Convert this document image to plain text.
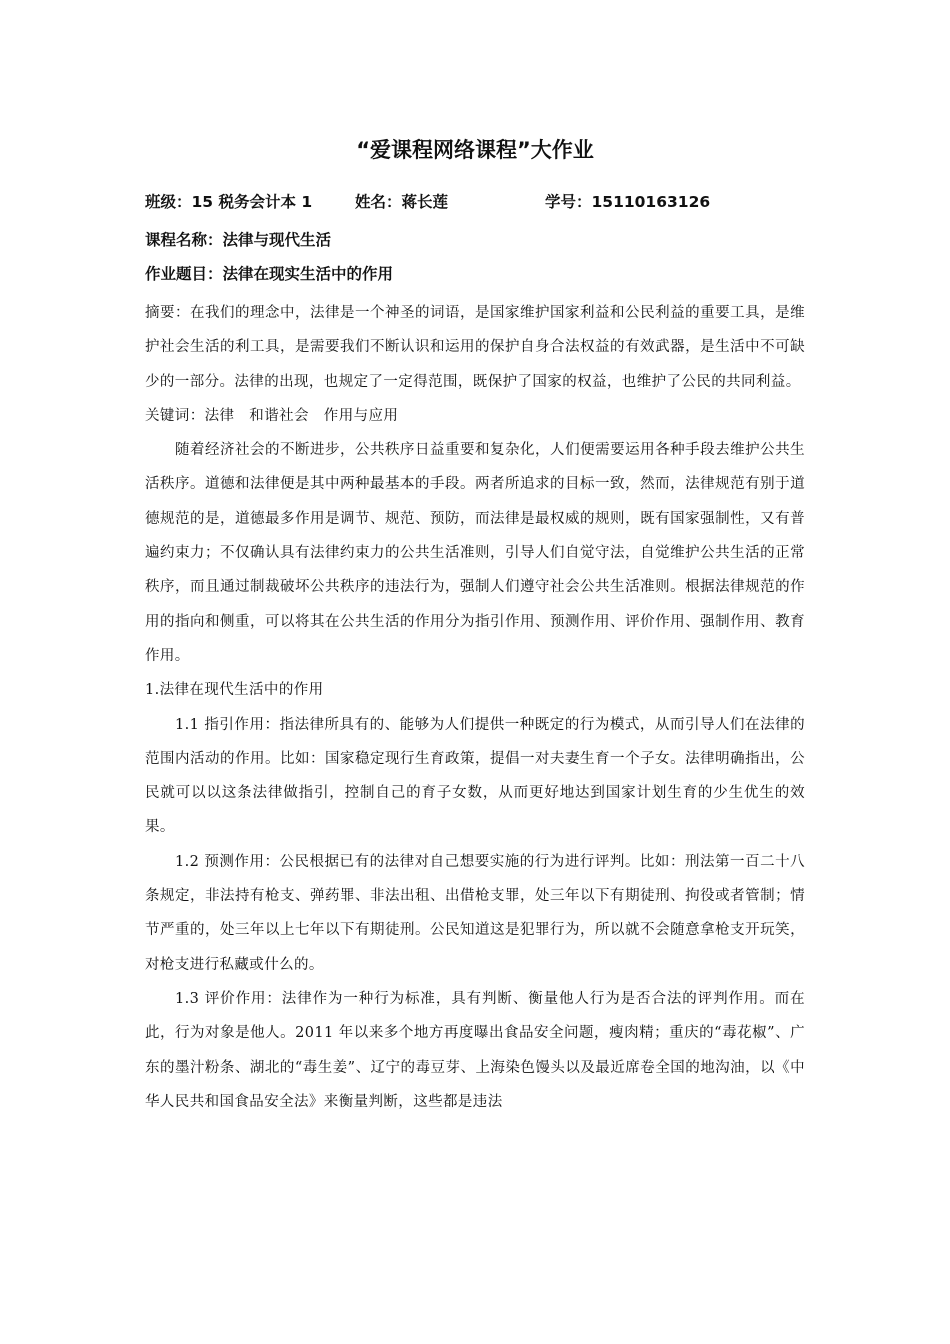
“爱课程网络课程”大作业
班级：15 税务会计本 1	姓名：蒋长莲	学号：15110163126
课程名称：法律与现代生活
作业题目：法律在现实生活中的作用

摘要：在我们的理念中，法律是一个神圣的词语，是国家维护国家利益和公民利益的重要工具，是维护社会生活的利工具，是需要我们不断认识和运用的保护自身合法权益的有效武器，是生活中不可缺少的一部分。法律的出现，也规定了一定得范围，既保护了国家的权益，也维护了公民的共同利益。

关键词：法律　和谐社会　作用与应用

随着经济社会的不断进步，公共秩序日益重要和复杂化，人们便需要运用各种手段去维护公共生活秩序。道德和法律便是其中两种最基本的手段。两者所追求的目标一致，然而，法律规范有别于道德规范的是，道德最多作用是调节、规范、预防，而法律是最权威的规则，既有国家强制性，又有普遍约束力；不仅确认具有法律约束力的公共生活准则，引导人们自觉守法，自觉维护公共生活的正常秩序，而且通过制裁破坏公共秩序的违法行为，强制人们遵守社会公共生活准则。根据法律规范的作用的指向和侧重，可以将其在公共生活的作用分为指引作用、预测作用、评价作用、强制作用、教育作用。

1.法律在现代生活中的作用

1.1 指引作用：指法律所具有的、能够为人们提供一种既定的行为模式，从而引导人们在法律的范围内活动的作用。比如：国家稳定现行生育政策，提倡一对夫妻生育一个子女。法律明确指出，公民就可以以这条法律做指引，控制自己的育子女数，从而更好地达到国家计划生育的少生优生的效果。

1.2 预测作用：公民根据已有的法律对自己想要实施的行为进行评判。比如：刑法第一百二十八条规定，非法持有枪支、弹药罪、非法出租、出借枪支罪，处三年以下有期徒刑、拘役或者管制；情节严重的，处三年以上七年以下有期徒刑。公民知道这是犯罪行为，所以就不会随意拿枪支开玩笑，对枪支进行私藏或什么的。

1.3 评价作用：法律作为一种行为标准，具有判断、衡量他人行为是否合法的评判作用。而在此，行为对象是他人。2011 年以来多个地方再度曝出食品安全问题，瘦肉精；重庆的“毒花椒”、广东的墨汁粉条、湖北的“毒生姜”、辽宁的毒豆芽、上海染色馒头以及最近席卷全国的地沟油，以《中华人民共和国食品安全法》来衡量判断，这些都是违法
